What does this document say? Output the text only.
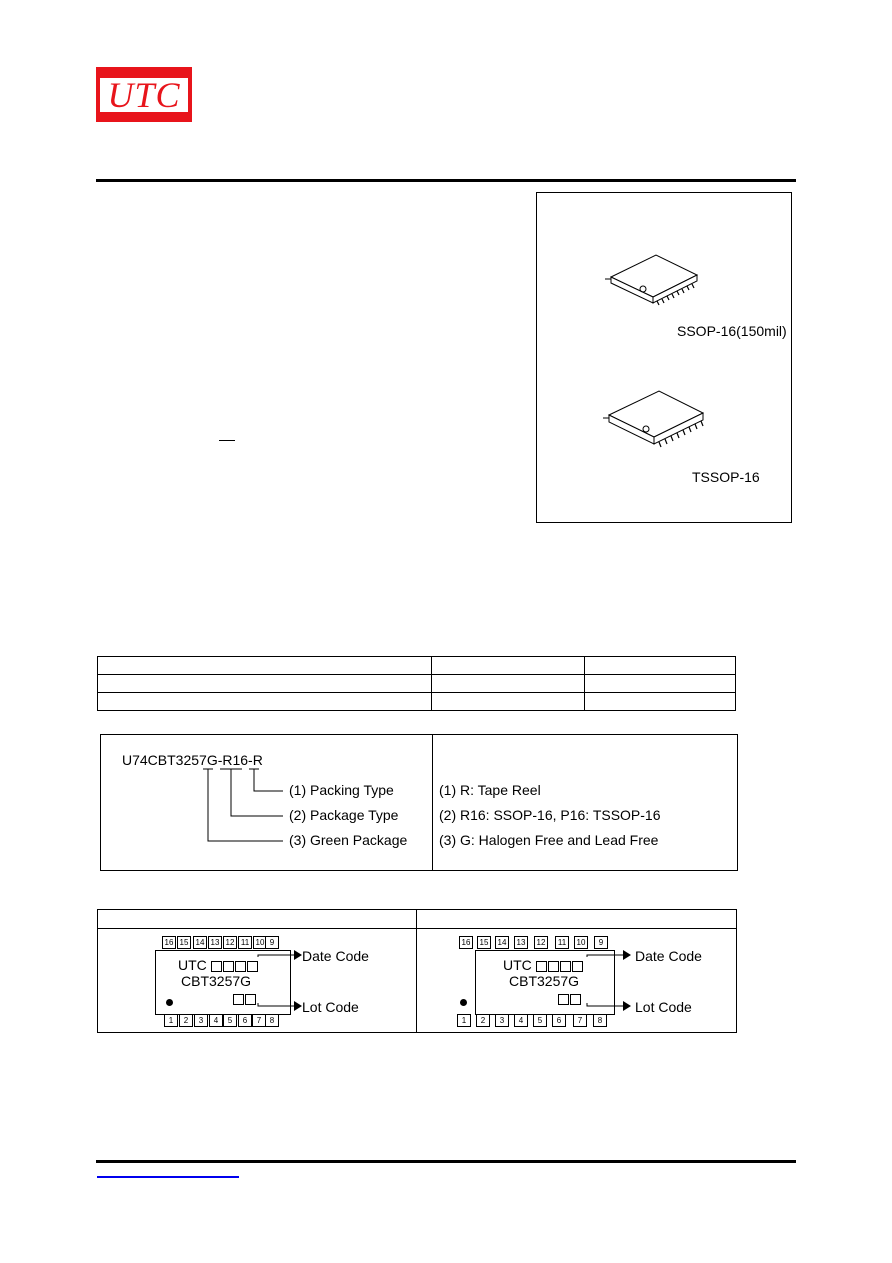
UTC
SSOP-16(150mil)
TSSOP-16

U74CBT3257G-R16-R
(1) Packing Type
(2) Package Type
(3) Green Package
(1) R: Tape Reel
(2) R16: SSOP-16, P16: TSSOP-16
(3) G: Halogen Free and Lead Free
16 15 14 13 12 11 10 9
1	2	3	4	5	6	7	8
UTC
CBT3257G
Date Code
Lot Code
16	15	14	13	12	11	10	9
1	2	3	4	5	6	7	8
UTC
CBT3257G
Date Code
Lot Code
